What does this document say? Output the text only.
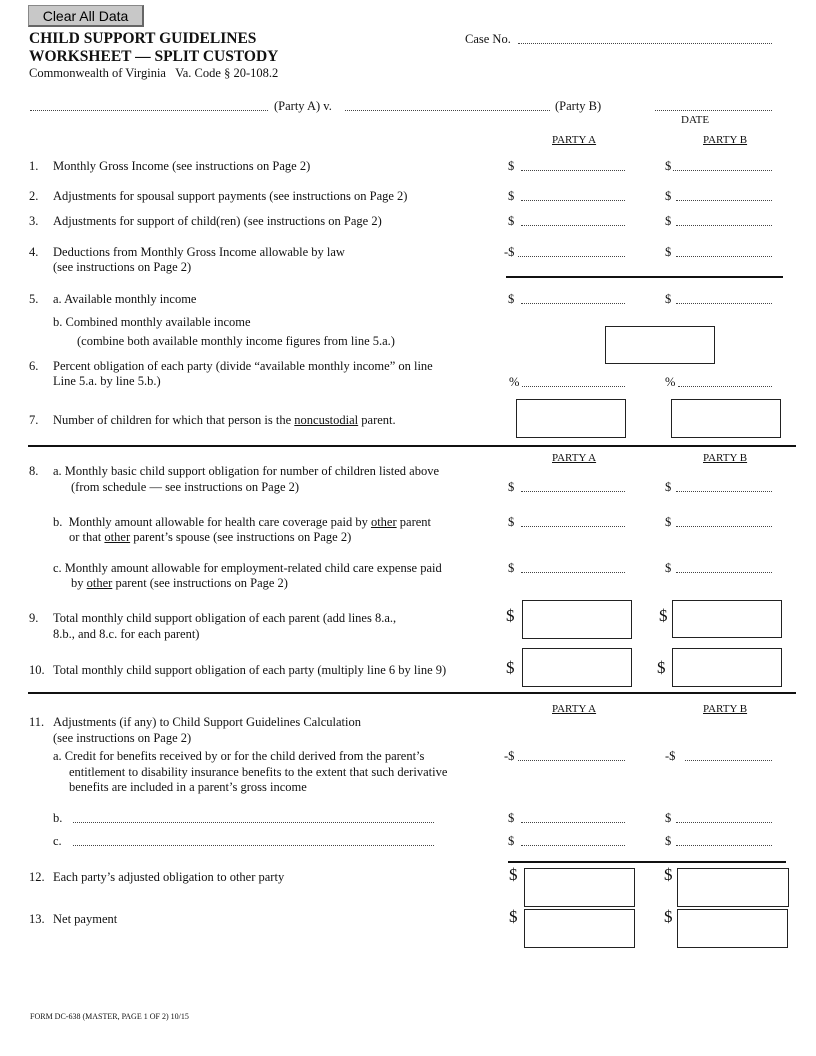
Clear All Data
CHILD SUPPORT GUIDELINES
WORKSHEET — SPLIT CUSTODY
Commonwealth of Virginia   Va. Code § 20-108.2
Case No.
(Party A) v.	(Party B)
DATE
PARTY A	PARTY B
1. Monthly Gross Income (see instructions on Page 2)	$	$
2. Adjustments for spousal support payments (see instructions on Page 2)	$	$
3. Adjustments for support of child(ren) (see instructions on Page 2)	$	$
4. Deductions from Monthly Gross Income allowable by law
(see instructions on Page 2)
-$	$
5. a. Available monthly income	$	$
b. Combined monthly available income
(combine both available monthly income figures from line 5.a.)
6. Percent obligation of each party (divide “available monthly income” on line
Line 5.a. by line 5.b.)	%	%
7. Number of children for which that person is the noncustodial parent.
PARTY A	PARTY B
8. a. Monthly basic child support obligation for number of children listed above
(from schedule — see instructions on Page 2)	$	$
b.  Monthly amount allowable for health care coverage paid by other parent
or that other parent’s spouse (see instructions on Page 2)
$	$
c. Monthly amount allowable for employment-related child care expense paid
by other parent (see instructions on Page 2)
$	$
9. Total monthly child support obligation of each parent (add lines 8.a.,
8.b., and 8.c. for each parent)
$	$
10. Total monthly child support obligation of each party (multiply line 6 by line 9)	$	$
PARTY A	PARTY B
11. Adjustments (if any) to Child Support Guidelines Calculation
(see instructions on Page 2)
a. Credit for benefits received by or for the child derived from the parent’s
entitlement to disability insurance benefits to the extent that such derivative
benefits are included in a parent’s gross income
-$	-$
b.	$	$
c.	$	$
12. Each party’s adjusted obligation to other party	$	$
13. Net payment	$	$
FORM DC-638 (MASTER, PAGE 1 OF 2) 10/15
